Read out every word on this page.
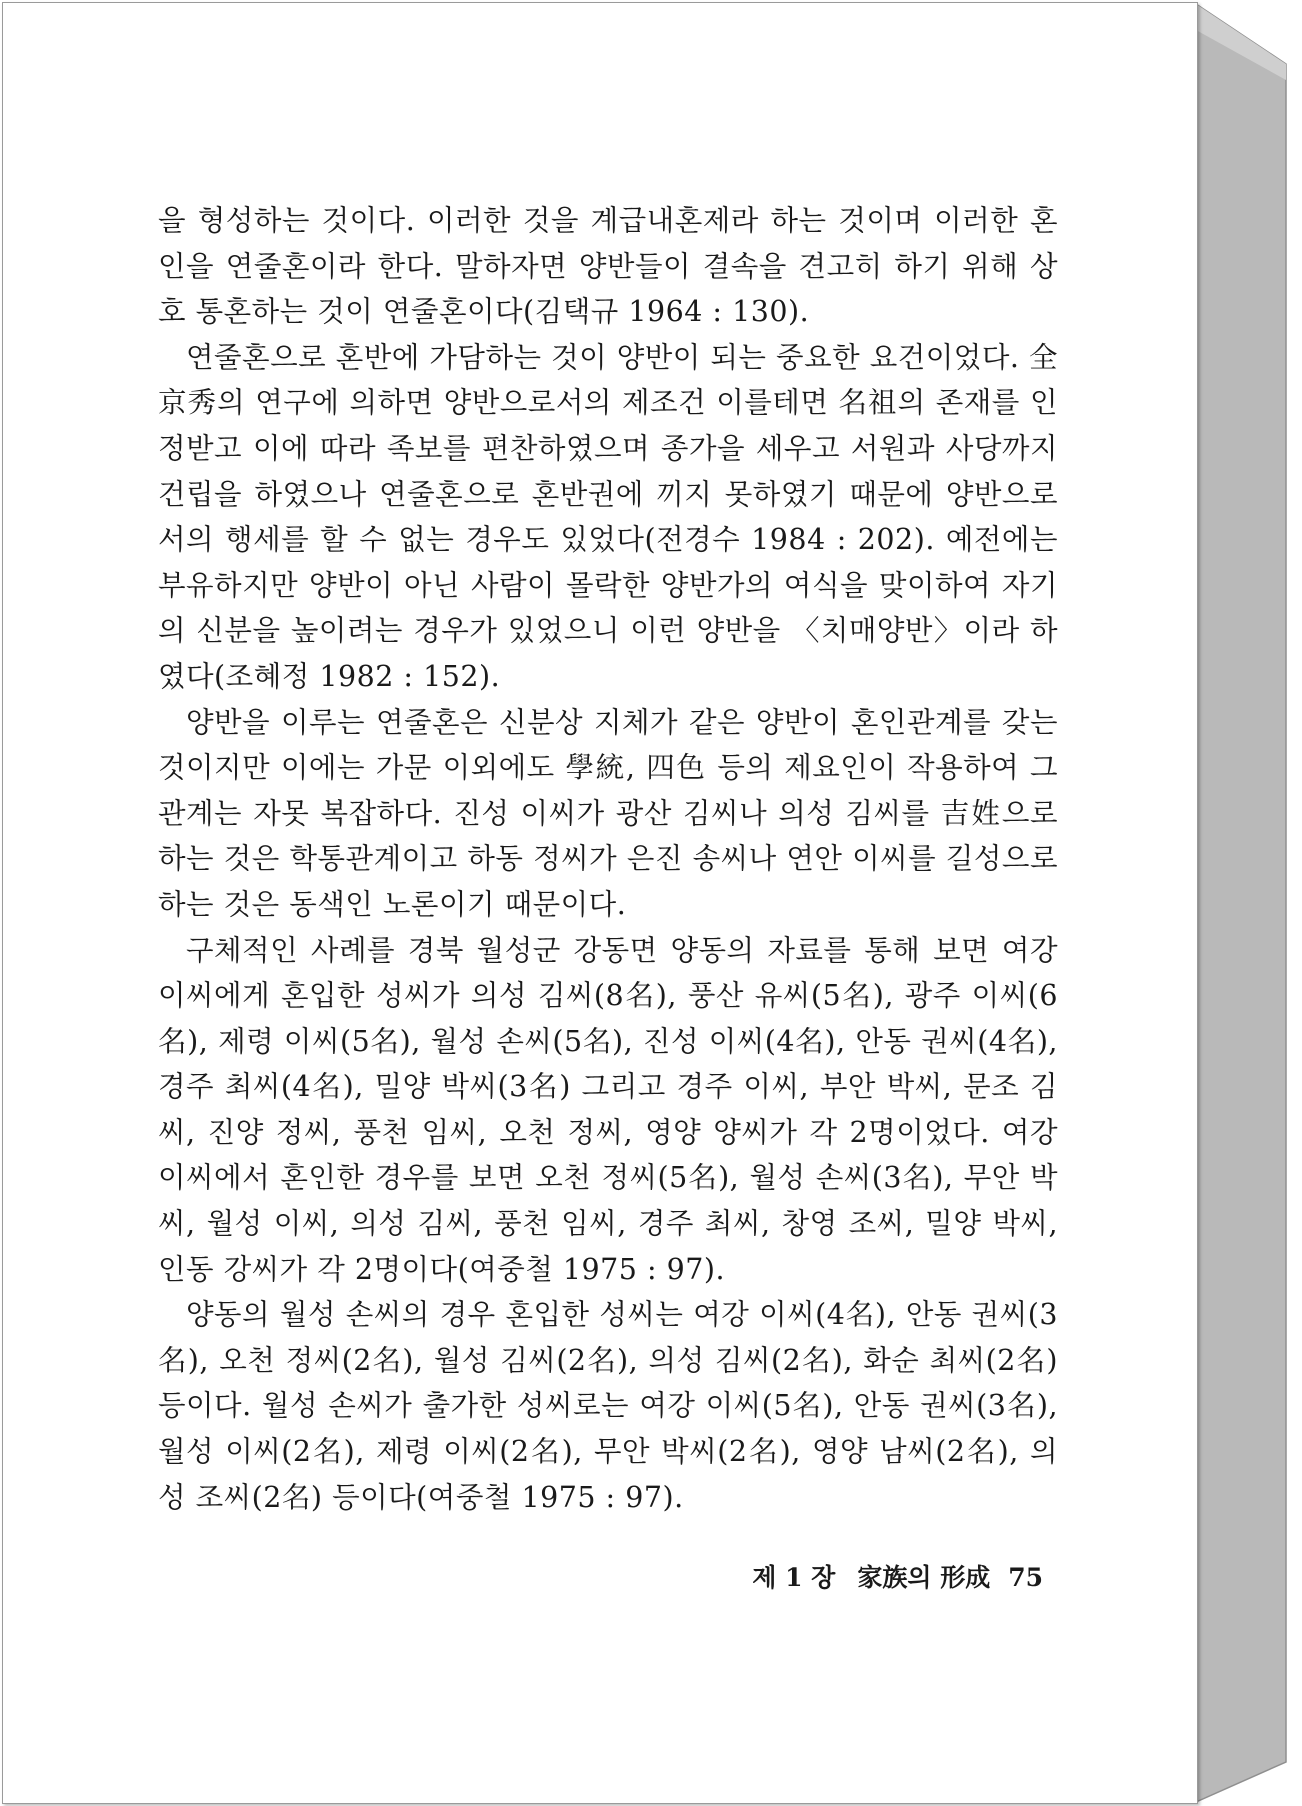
을 형성하는 것이다. 이러한 것을 계급내혼제라 하는 것이며 이러한 혼인을 연줄혼이라 한다. 말하자면 양반들이 결속을 견고히 하기 위해 상호 통혼하는 것이 연줄혼이다(김택규 1964 : 130).

연줄혼으로 혼반에 가담하는 것이 양반이 되는 중요한 요건이었다. 全京秀의 연구에 의하면 양반으로서의 제조건 이를테면 名祖의 존재를 인정받고 이에 따라 족보를 편찬하였으며 종가을 세우고 서원과 사당까지 건립을 하였으나 연줄혼으로 혼반권에 끼지 못하였기 때문에 양반으로서의 행세를 할 수 없는 경우도 있었다(전경수 1984 : 202). 예전에는 부유하지만 양반이 아닌 사람이 몰락한 양반가의 여식을 맞이하여 자기의 신분을 높이려는 경우가 있었으니 이런 양반을 〈치매양반〉이라 하였다(조혜정 1982 : 152).

양반을 이루는 연줄혼은 신분상 지체가 같은 양반이 혼인관계를 갖는 것이지만 이에는 가문 이외에도 學統, 四色 등의 제요인이 작용하여 그 관계는 자못 복잡하다. 진성 이씨가 광산 김씨나 의성 김씨를 吉姓으로 하는 것은 학통관계이고 하동 정씨가 은진 송씨나 연안 이씨를 길성으로 하는 것은 동색인 노론이기 때문이다.

구체적인 사례를 경북 월성군 강동면 양동의 자료를 통해 보면 여강 이씨에게 혼입한 성씨가 의성 김씨(8名), 풍산 유씨(5名), 광주 이씨(6名), 제령 이씨(5名), 월성 손씨(5名), 진성 이씨(4名), 안동 권씨(4名), 경주 최씨(4名), 밀양 박씨(3名) 그리고 경주 이씨, 부안 박씨, 문조 김씨, 진양 정씨, 풍천 임씨, 오천 정씨, 영양 양씨가 각 2명이었다. 여강 이씨에서 혼인한 경우를 보면 오천 정씨(5名), 월성 손씨(3名), 무안 박씨, 월성 이씨, 의성 김씨, 풍천 임씨, 경주 최씨, 창영 조씨, 밀양 박씨, 인동 강씨가 각 2명이다(여중철 1975 : 97).

양동의 월성 손씨의 경우 혼입한 성씨는 여강 이씨(4名), 안동 권씨(3名), 오천 정씨(2名), 월성 김씨(2名), 의성 김씨(2名), 화순 최씨(2名) 등이다. 월성 손씨가 출가한 성씨로는 여강 이씨(5名), 안동 권씨(3名), 월성 이씨(2名), 제령 이씨(2名), 무안 박씨(2名), 영양 남씨(2名), 의성 조씨(2名) 등이다(여중철 1975 : 97).

제 1 장 家族의 形成 75
